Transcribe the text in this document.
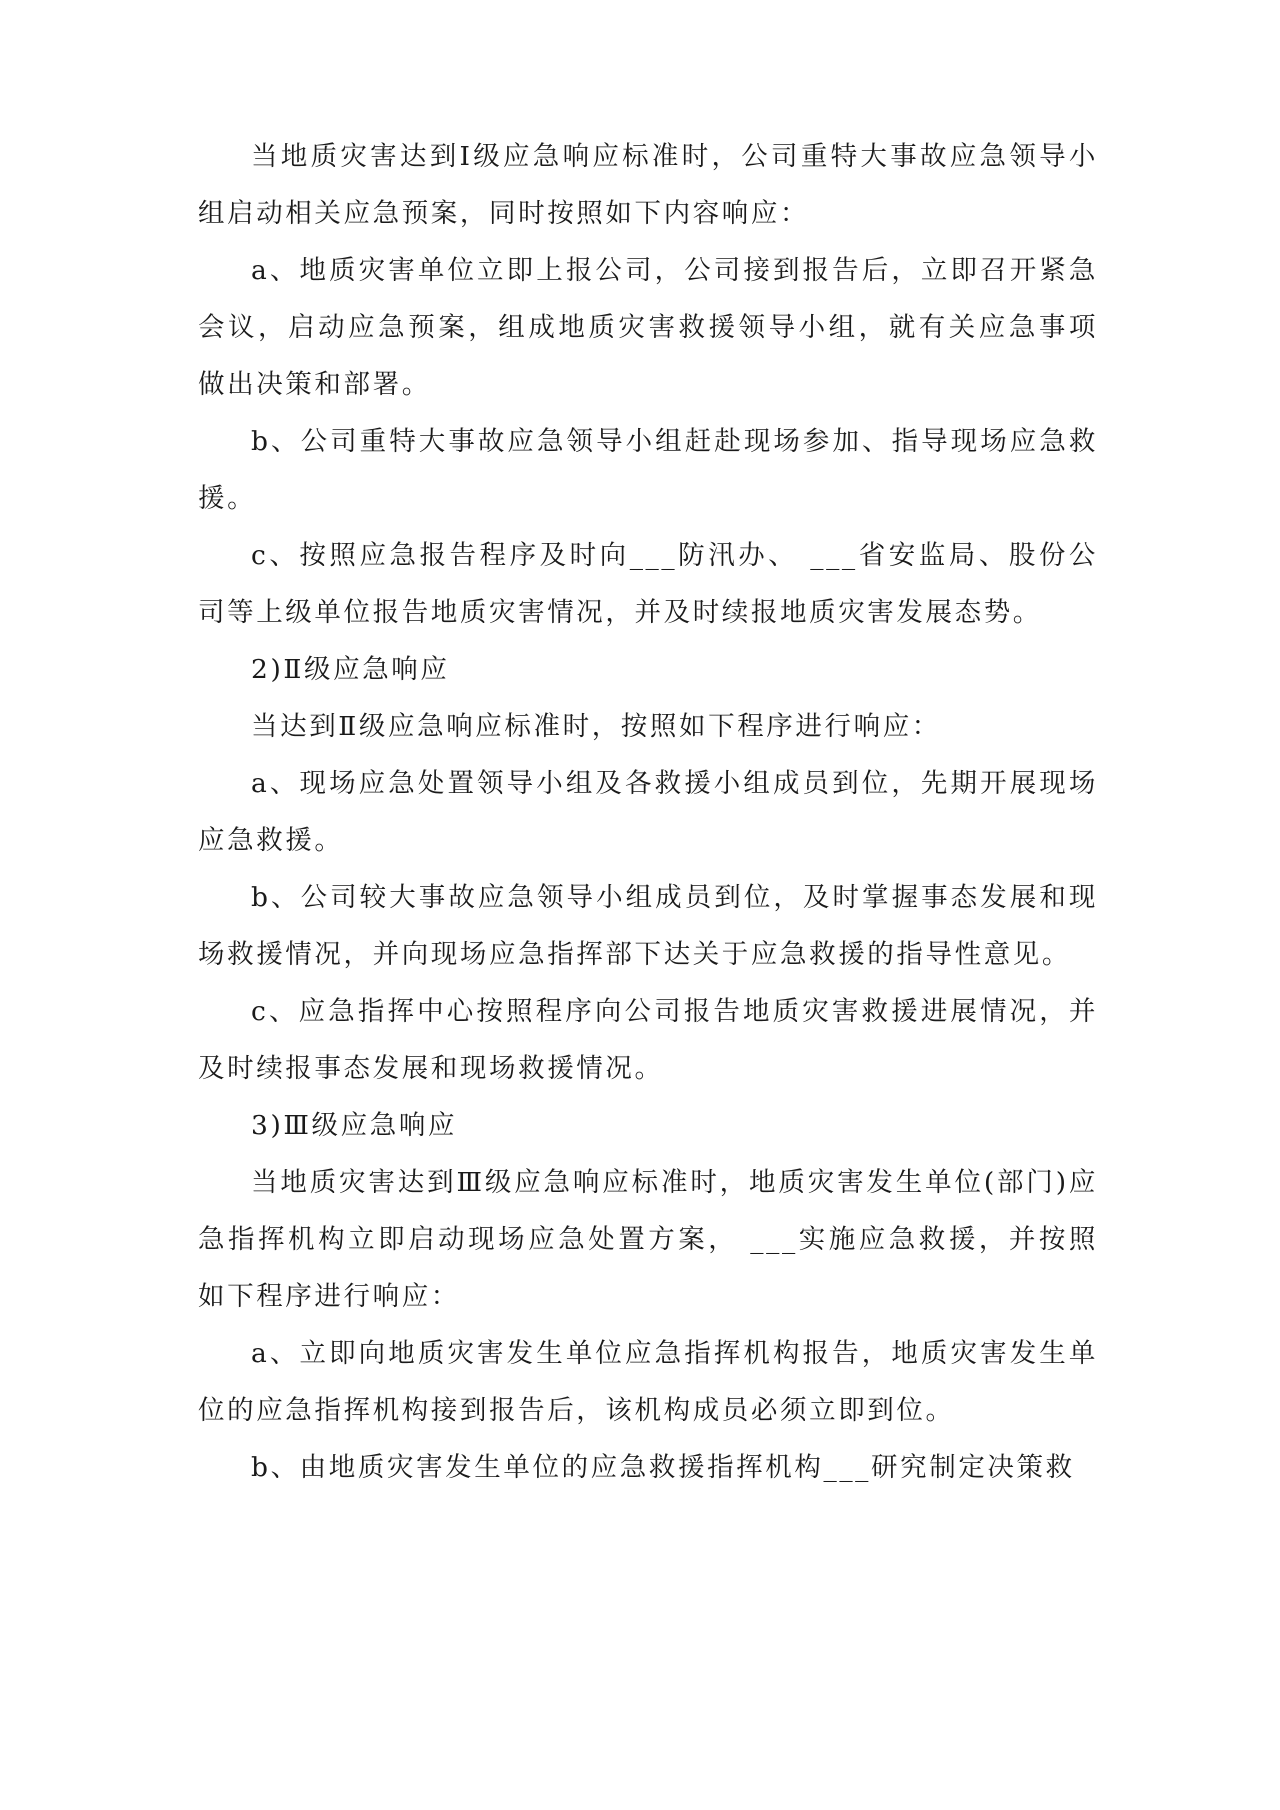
当地质灾害达到Ⅰ级应急响应标准时，公司重特大事故应急领导小组启动相关应急预案，同时按照如下内容响应：

a、地质灾害单位立即上报公司，公司接到报告后，立即召开紧急会议，启动应急预案，组成地质灾害救援领导小组，就有关应急事项做出决策和部署。

b、公司重特大事故应急领导小组赶赴现场参加、指导现场应急救援。

c、按照应急报告程序及时向___防汛办、 ___省安监局、股份公司等上级单位报告地质灾害情况，并及时续报地质灾害发展态势。

2)Ⅱ级应急响应

当达到Ⅱ级应急响应标准时，按照如下程序进行响应：

a、现场应急处置领导小组及各救援小组成员到位，先期开展现场应急救援。

b、公司较大事故应急领导小组成员到位，及时掌握事态发展和现场救援情况，并向现场应急指挥部下达关于应急救援的指导性意见。

c、应急指挥中心按照程序向公司报告地质灾害救援进展情况，并及时续报事态发展和现场救援情况。

3)Ⅲ级应急响应

当地质灾害达到Ⅲ级应急响应标准时，地质灾害发生单位(部门)应急指挥机构立即启动现场应急处置方案， ___实施应急救援，并按照如下程序进行响应：

a、立即向地质灾害发生单位应急指挥机构报告，地质灾害发生单位的应急指挥机构接到报告后，该机构成员必须立即到位。

b、由地质灾害发生单位的应急救援指挥机构___研究制定决策救
